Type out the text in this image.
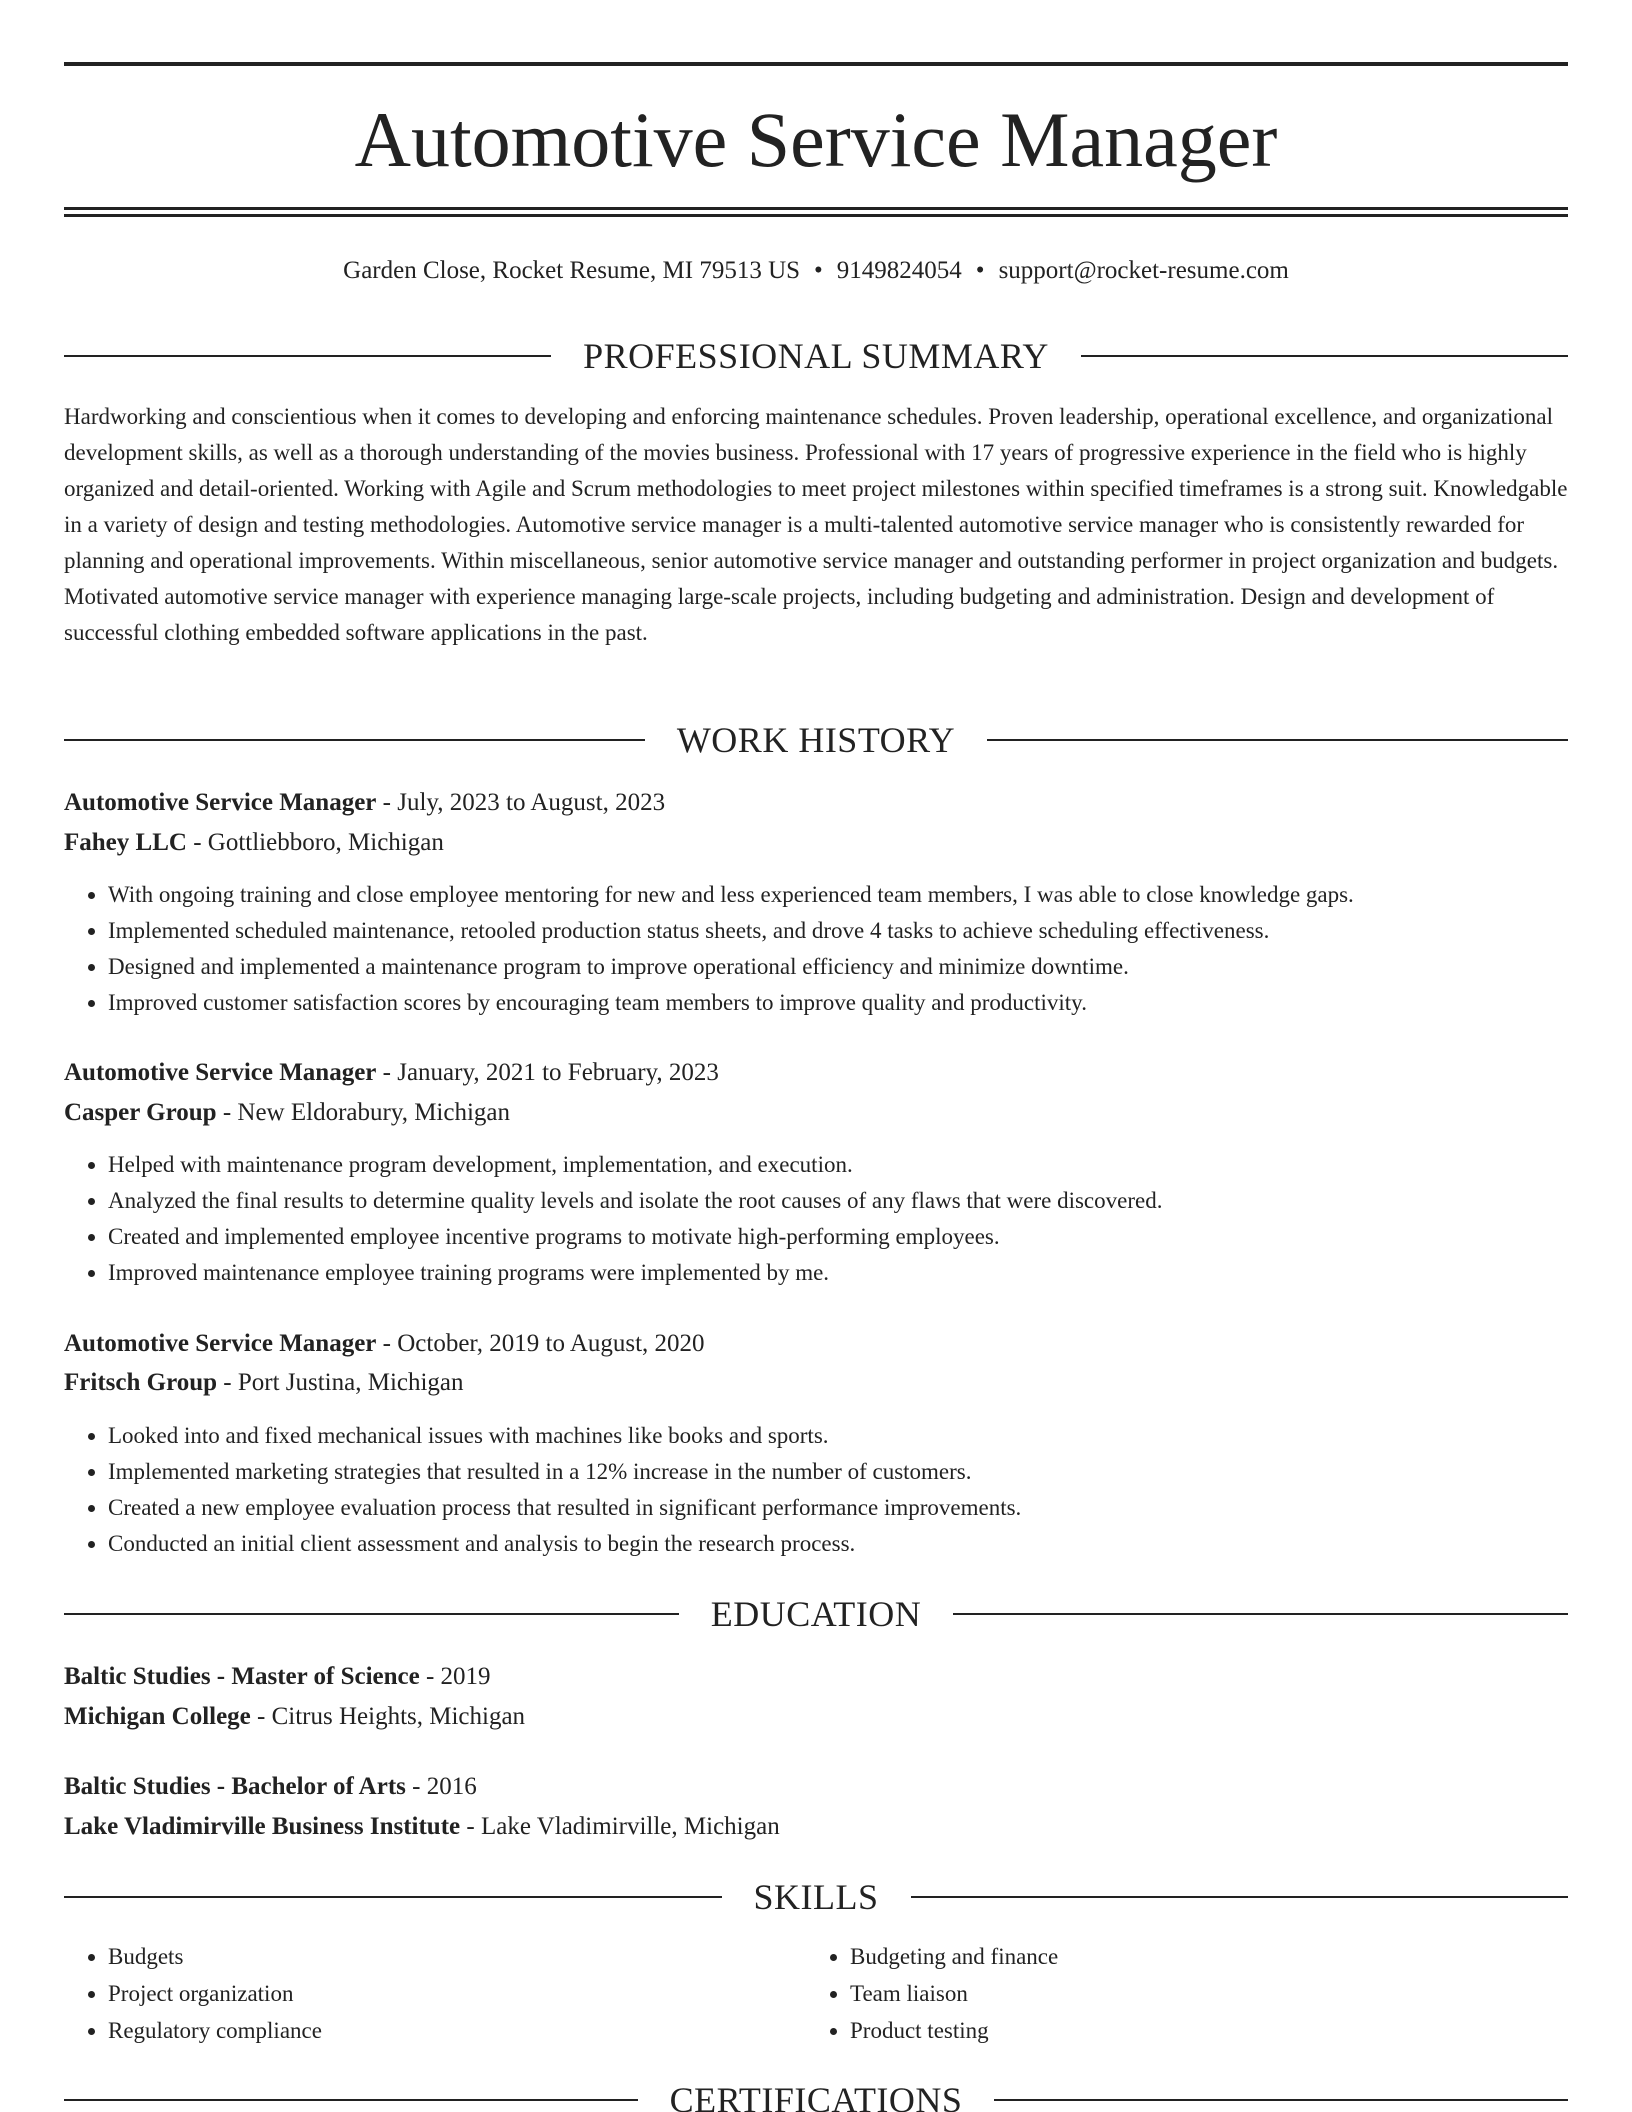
Automotive Service Manager
Garden Close, Rocket Resume, MI 79513 US • 9149824054 • support@rocket-resume.com
PROFESSIONAL SUMMARY

Hardworking and conscientious when it comes to developing and enforcing maintenance schedules. Proven leadership, operational excellence, and organizational development skills, as well as a thorough understanding of the movies business. Professional with 17 years of progressive experience in the field who is highly organized and detail-oriented. Working with Agile and Scrum methodologies to meet project milestones within specified timeframes is a strong suit. Knowledgable in a variety of design and testing methodologies. Automotive service manager is a multi-talented automotive service manager who is consistently rewarded for planning and operational improvements. Within miscellaneous, senior automotive service manager and outstanding performer in project organization and budgets. Motivated automotive service manager with experience managing large-scale projects, including budgeting and administration. Design and development of successful clothing embedded software applications in the past.

WORK HISTORY
Automotive Service Manager - July, 2023 to August, 2023
Fahey LLC - Gottliebboro, Michigan
• With ongoing training and close employee mentoring for new and less experienced team members, I was able to close knowledge gaps.
• Implemented scheduled maintenance, retooled production status sheets, and drove 4 tasks to achieve scheduling effectiveness.
• Designed and implemented a maintenance program to improve operational efficiency and minimize downtime.
• Improved customer satisfaction scores by encouraging team members to improve quality and productivity.
Automotive Service Manager - January, 2021 to February, 2023
Casper Group - New Eldorabury, Michigan
• Helped with maintenance program development, implementation, and execution.
• Analyzed the final results to determine quality levels and isolate the root causes of any flaws that were discovered.
• Created and implemented employee incentive programs to motivate high-performing employees.
• Improved maintenance employee training programs were implemented by me.
Automotive Service Manager - October, 2019 to August, 2020
Fritsch Group - Port Justina, Michigan
• Looked into and fixed mechanical issues with machines like books and sports.
• Implemented marketing strategies that resulted in a 12% increase in the number of customers.
• Created a new employee evaluation process that resulted in significant performance improvements.
• Conducted an initial client assessment and analysis to begin the research process.
EDUCATION
Baltic Studies - Master of Science - 2019
Michigan College - Citrus Heights, Michigan
Baltic Studies - Bachelor of Arts - 2016
Lake Vladimirville Business Institute - Lake Vladimirville, Michigan
SKILLS
• Budgets
• Project organization
• Regulatory compliance
• Budgeting and finance
• Team liaison
• Product testing
CERTIFICATIONS
